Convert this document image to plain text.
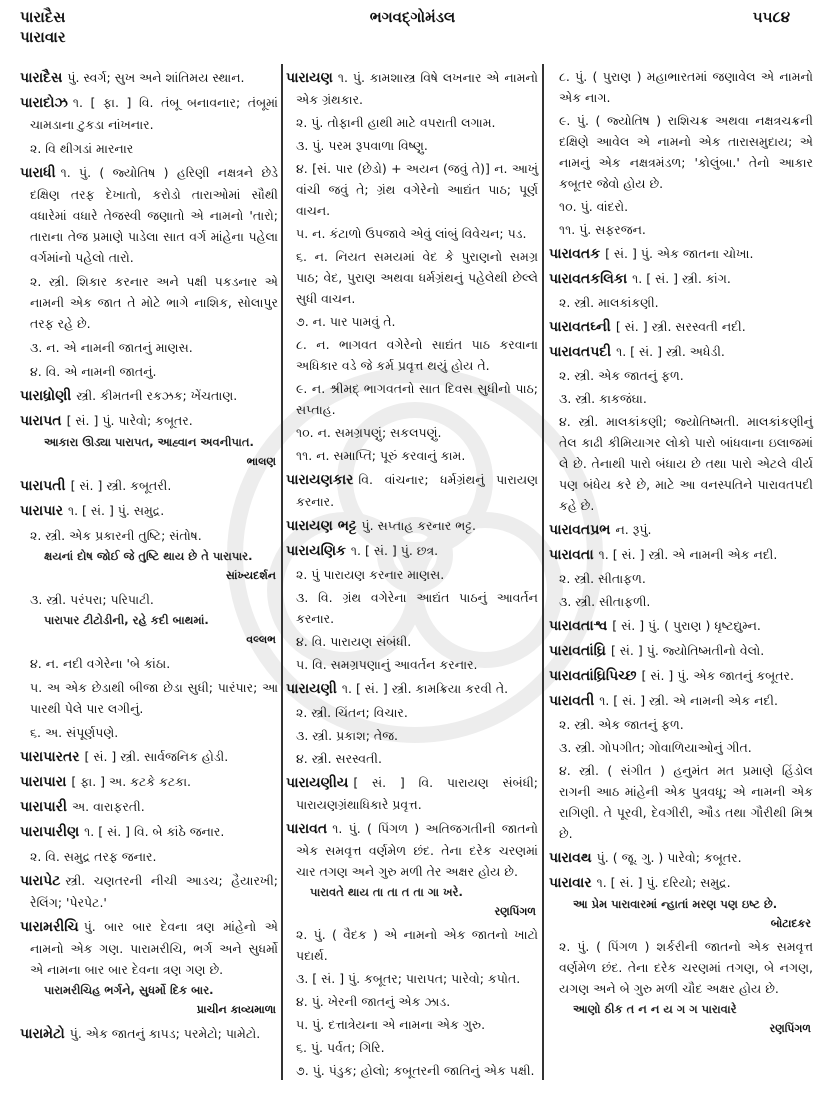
પારાદૈસ
પારાવાર
ભગવદ્ગોમંડલ	૫૫૮૪
પારાદૈસ પું. સ્વર્ગ; સુખ અને શાંતિમય સ્થાન.
પારાદોઝ ૧. [ ફા. ] વિ. તંબૂ બનાવનાર; તંબૂમાં ચામડાના ટુકડા નાંખનાર.
૨. વિ થીગડાં મારનાર
પારાધી ૧. પું. ( જ્યોતિષ ) હરિણી નક્ષત્રને છેડે દક્ષિણ તરફ દેખાતો, કરોડો તારાઓમાં સૌથી વધારેમાં વધારે તેજસ્વી જણાતો એ નામનો 'તારો; તારાના તેજ પ્રમાણે પાડેલા સાત વર્ગ માંહેના પહેલા વર્ગમાંનો પહેલો તારો.
૨. સ્ત્રી. શિકાર કરનાર અને પક્ષી પકડનાર એ નામની એક જાત તે મોટે ભાગે નાશિક, સોલાપુર તરફ રહે છે.
૩. ન. એ નામની જાતનું માણસ.
૪. વિ. એ નામની જાતનું.
પારાધ્રોણી સ્ત્રી. કીમતની રકઝક; ખેંચતાણ.
પારાપત [ સં. ] પું. પારેવો; કબૂતર.
આકારા ઊડ્યા પારાપત, આહ્વાન અવનીપાત.
ભાલણ
પારાપતી [ સં. ] સ્ત્રી. કબૂતરી.
પારાપાર ૧. [ સં. ] પું. સમુદ્ર.
૨. સ્ત્રી. એક પ્રકારની તુષ્ટિ; સંતોષ.
ક્ષયનાં દોષ જોઈ જે તુષ્ટિ થાય છે તે પારાપાર.
સાંખ્યદર્શન
૩. સ્ત્રી. પરંપરા; પરિપાટી.
પારાપાર ટીટોડીની, રહે કદી બાથમાં.
વલ્લભ
૪. ન. નદી વગેરેના 'બે કાંઠા.
૫. અ એક છેડાથી બીજા છેડા સુધી; પારંપાર; આ પારથી પેલે પાર લગીનું.
૬. અ. સંપૂર્ણપણે.
પારાપારતર [ સં. ] સ્ત્રી. સાર્વજનિક હોડી.
પારાપારા [ ફા. ] અ. કટકે કટકા.
પારાપારી અ. વારાફરતી.
પારાપારીણ ૧. [ સં. ] વિ. બે કાંઠે જનાર.
૨. વિ. સમુદ્ર તરફ જનાર.
પારાપેટ સ્ત્રી. ચણતરની નીચી આડચ; હૈયારખી; રેલિંગ; 'પેરપેટ.'
પારામરીચિ પું. બાર બાર દેવના ત્રણ માંહેનો એ નામનો એક ગણ. પારામરીચિ, ભર્ગ અને સુધર્મો એ નામના બાર બાર દેવના ત્રણ ગણ છે.
પારામરીચિહ ભર્ગને, સુધર્મો દિક બાર.
પ્રાચીન કાવ્યમાળા
પારામેટો પું. એક જાતનું કાપડ; પરમેટો; પામેટો.
પારાયણ ૧. પું. કામશાસ્ત્ર વિષે લખનાર એ નામનો એક ગ્રંથકાર.
૨. પું. તોફાની હાથી માટે વપરાતી લગામ.
૩. પું. પરમ રૂપવાળા વિષ્ણુ.
૪. [સં. પાર (છેડો) + અયન (જવું તે)] ન. આખું વાંચી જવું તે; ગ્રંથ વગેરેનો આદ્યંત પાઠ; પૂર્ણ વાચન.
૫. ન. કંટાળો ઉપજાવે એવું લાંબું વિવેચન; પડ.
૬. ન. નિયત સમયમાં વેદ કે પુરાણનો સમગ્ર પાઠ; વેદ, પુરાણ અથવા ધર્મગ્રંથનું પહેલેથી છેલ્લે સુધી વાચન.
૭. ન. પાર પામવું તે.
૮. ન. ભાગવત વગેરેનો સાદ્યંત પાઠ કરવાના અધિકાર વડે જે કર્મ પ્રવૃત્ત થયું હોય તે.
૯. ન. શ્રીમદ્ ભાગવતનો સાત દિવસ સુધીનો પાઠ; સપ્તાહ.
૧૦. ન. સમગ્રપણું; સકલપણું.
૧૧. ન. સમાપ્તિ; પૂરું કરવાનું કામ.
પારાયણકાર વિ. વાંચનાર; ધર્મગ્રંથનું પારાયણ કરનાર.
પારાયણ ભટ્ટ પું. સપ્તાહ કરનાર ભટ્ટ.
પારાયણિક ૧. [ સં. ] પું. છત્ર.
૨. પું પારાયણ કરનાર માણસ.
૩. વિ. ગ્રંથ વગેરેના આદ્યંત પાઠનું આવર્તન કરનાર.
૪. વિ. પારાયણ સંબંધી.
૫. વિ. સમગ્રપણાનું આવર્તન કરનાર.
પારાયણી ૧. [ સં. ] સ્ત્રી. કામક્રિયા કરવી તે.
૨. સ્ત્રી. ચિંતન; વિચાર.
૩. સ્ત્રી. પ્રકાશ; તેજ.
૪. સ્ત્રી. સરસ્વતી.
પારાયણીય [ સં. ] વિ. પારાયણ સંબંધી; પારાયણગ્રંથાધિકારે પ્રવૃત્ત.
પારાવત ૧. પું. ( પિંગળ ) અતિજગતીની જાતનો એક સમવૃત્ત વર્ણમેળ છંદ. તેના દરેક ચરણમાં ચાર તગણ અને ગુરુ મળી તેર અક્ષર હોય છે.
પારાવતે થાય તા તા ત તા ગા ખરે.
રણપિંગળ
૨. પું. ( વૈદક ) એ નામનો એક જાતનો ખાટો પદાર્થ.
૩. [ સં. ] પું. કબૂતર; પારાપત; પારેવો; કપોત.
૪. પું. ખેરની જાતનું એક ઝાડ.
૫. પું. દત્તાત્રેયના એ નામના એક ગુરુ.
૬. પું. પર્વત; ગિરિ.
૭. પું. પંડુક; હોલો; કબૂતરની જાતિનું એક પક્ષી.
૮. પું. ( પુરાણ ) મહાભારતમાં જણાવેલ એ નામનો એક નાગ.
૯. પું. ( જ્યોતિષ ) રાશિચક્ર અથવા નક્ષત્રચક્રની દક્ષિણે આવેલ એ નામનો એક તારાસમુદાય; એ નામનું એક નક્ષત્રમંડળ; 'કોલુંબા.' તેનો આકાર કબૂતર જેવો હોય છે.
૧૦. પું. વાંદરો.
૧૧. પું. સફરજન.
પારાવતક [ સં. ] પું. એક જાતના ચોખા.
પારાવતકલિકા ૧. [ સં. ] સ્ત્રી. કાંગ.
૨. સ્ત્રી. માલકાંકણી.
પારાવતઘ્ની [ સં. ] સ્ત્રી. સરસ્વતી નદી.
પારાવતપદી ૧. [ સં. ] સ્ત્રી. અધેડી.
૨. સ્ત્રી. એક જાતનું ફળ.
૩. સ્ત્રી. કાકજંઘા.
૪. સ્ત્રી. માલકાંકણી; જ્યોતિષ્મતી. માલકાંકણીનું તેલ કાઢી કીમિયાગર લોકો પારો બાંધવાના ઇલાજમાં લે છે. તેનાથી પારો બંધાય છે તથા પારો એટલે વીર્ય પણ બંધેય કરે છે, માટે આ વનસ્પતિને પારાવતપદી કહે છે.
પારાવતપ્રભ ન. રૂપું.
પારાવતા ૧. [ સં. ] સ્ત્રી. એ નામની એક નદી.
૨. સ્ત્રી. સીતાફળ.
૩. સ્ત્રી. સીતાફળી.
પારાવતાશ્વ [ સં. ] પું. ( પુરાણ ) ધૃષ્ટદ્યુમ્ન.
પારાવતાંઘ્રિ [ સં. ] પું. જ્યોતિષ્મતીનો વેલો.
પારાવતાંઘ્રિપિચ્છ [ સં. ] પું. એક જાતનું કબૂતર.
પારાવતી ૧. [ સં. ] સ્ત્રી. એ નામની એક નદી.
૨. સ્ત્રી. એક જાતનું ફળ.
૩. સ્ત્રી. ગોપગીત; ગોવાળિયાઓનું ગીત.
૪. સ્ત્રી. ( સંગીત ) હનુમંત મત પ્રમાણે હિંડોલ રાગની આઠ માંહેની એક પુત્રવધૂ; એ નામની એક રાગિણી. તે પૂરવી, દેવગીરી, ઔડ તથા ગૌરીથી મિશ્ર છે.
પારાવથ પું. ( જૂ. ગુ. ) પારેવો; કબૂતર.
પારાવાર ૧. [ સં. ] પું. દરિયો; સમુદ્ર.
આ પ્રેમ પારાવારમાં ન્હાતાં મરણ પણ ઇષ્ટ છે.
બોટાદકર
૨. પું. ( પિંગળ ) શર્કરીની જાતનો એક સમવૃત્ત વર્ણમેળ છંદ. તેના દરેક ચરણમાં તગણ, બે નગણ, યગણ અને બે ગુરુ મળી ચૌદ અક્ષર હોય છે.
આણો ઠીક ત ન ન ય ગ ગ પારાવારે
રણપિંગળ
